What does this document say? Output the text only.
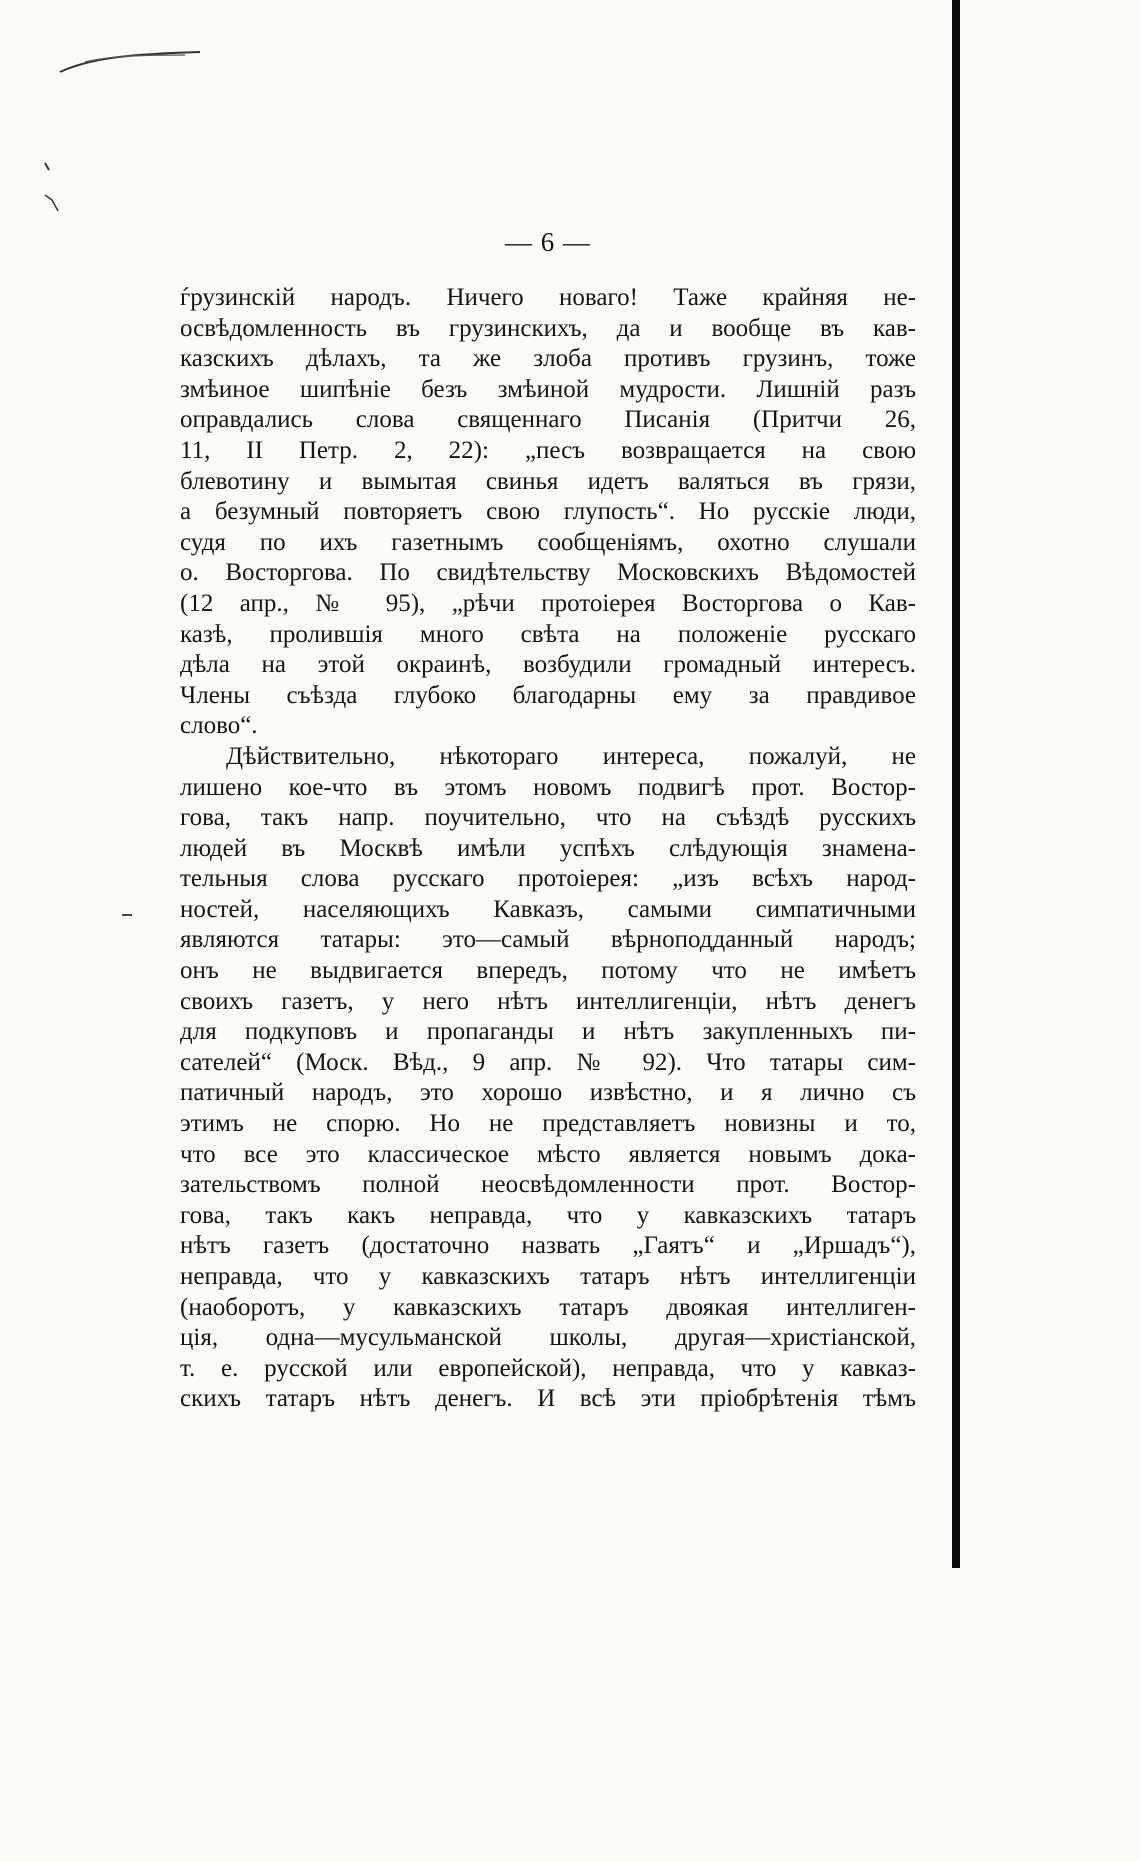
— 6 —
ѓрузинскій народъ. Ничего новаго! Таже крайняя не-
освѣдомленность въ грузинскихъ, да и вообще въ кав-
казскихъ дѣлахъ, та же злоба противъ грузинъ, тоже
змѣиное шипѣніе безъ змѣиной мудрости. Лишній разъ
оправдались слова священнаго Писанія (Притчи 26,
11, II Петр. 2, 22): „песъ возвращается на свою
блевотину и вымытая свинья идетъ валяться въ грязи,
а безумный повторяетъ свою глупость“. Но русскіе люди,
судя по ихъ газетнымъ сообщеніямъ, охотно слушали
о. Восторгова. По свидѣтельству Московскихъ Вѣдомостей
(12 апр., № 95), „рѣчи протоіерея Восторгова о Кав-
казѣ, пролившія много свѣта на положеніе русскаго
дѣла на этой окраинѣ, возбудили громадный интересъ.
Члены съѣзда глубоко благодарны ему за правдивое
слово“.
Дѣйствительно, нѣкотораго интереса, пожалуй, не
лишено кое-что въ этомъ новомъ подвигѣ прот. Востор-
гова, такъ напр. поучительно, что на съѣздѣ русскихъ
людей въ Москвѣ имѣли успѣхъ слѣдующія знамена-
тельныя слова русскаго протоіерея: „изъ всѣхъ народ-
ностей, населяющихъ Кавказъ, самыми симпатичными
являются татары: это—самый вѣрноподданный народъ;
онъ не выдвигается впередъ, потому что не имѣетъ
своихъ газетъ, у него нѣтъ интеллигенціи, нѣтъ денегъ
для подкуповъ и пропаганды и нѣтъ закупленныхъ пи-
сателей“ (Моск. Вѣд., 9 апр. № 92). Что татары сим-
патичный народъ, это хорошо извѣстно, и я лично съ
этимъ не спорю. Но не представляетъ новизны и то,
что все это классическое мѣсто является новымъ дока-
зательствомъ полной неосвѣдомленности прот. Востор-
гова, такъ какъ неправда, что у кавказскихъ татаръ
нѣтъ газетъ (достаточно назвать „Гаятъ“ и „Иршадъ“),
неправда, что у кавказскихъ татаръ нѣтъ интеллигенціи
(наоборотъ, у кавказскихъ татаръ двоякая интеллиген-
ція, одна—мусульманской школы, другая—христіанской,
т. е. русской или европейской), неправда, что у кавказ-
скихъ татаръ нѣтъ денегъ. И всѣ эти пріобрѣтенія тѣмъ
